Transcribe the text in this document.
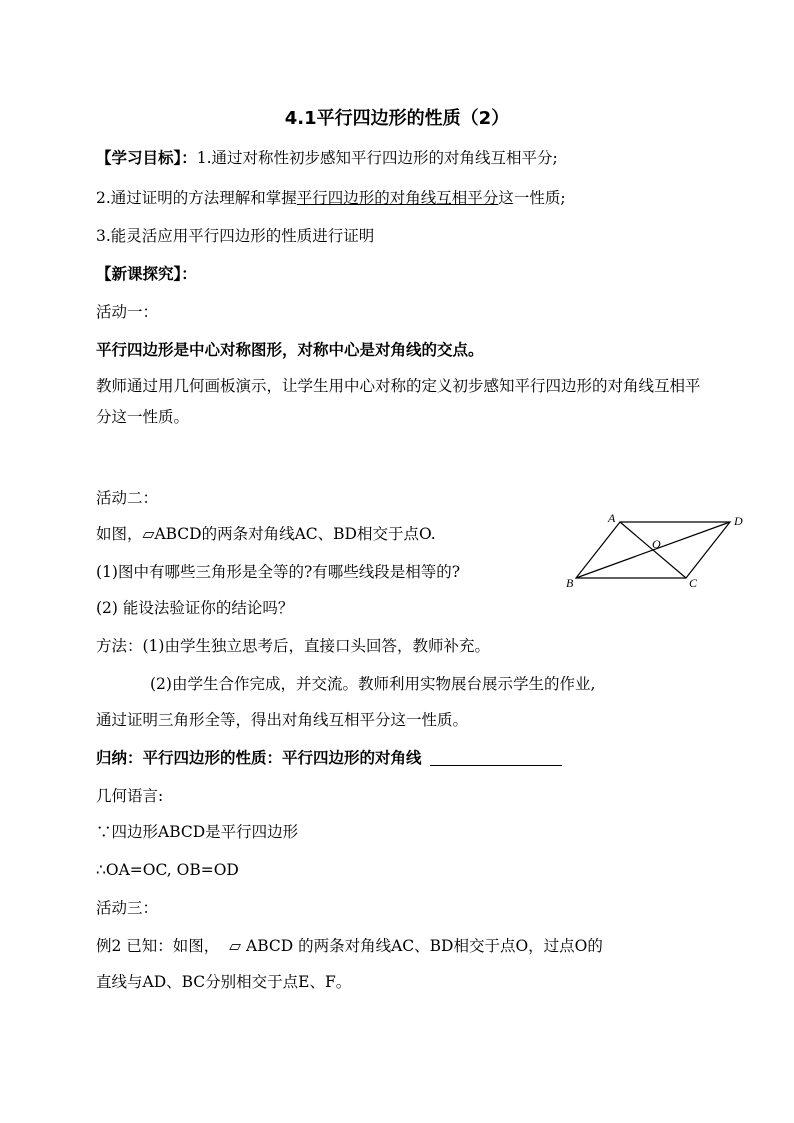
4.1平行四边形的性质（2）
【学习目标】：1.通过对称性初步感知平行四边形的对角线互相平分;
2.通过证明的方法理解和掌握平行四边形的对角线互相平分这一性质;
3.能灵活应用平行四边形的性质进行证明
【新课探究】：
活动一：
平行四边形是中心对称图形，对称中心是对角线的交点。
教师通过用几何画板演示，让学生用中心对称的定义初步感知平行四边形的对角线互相平分这一性质。
活动二：
如图，▱ABCD的两条对角线AC、BD相交于点O.
(1)图中有哪些三角形是全等的?有哪些线段是相等的?
(2) 能设法验证你的结论吗？
方法：(1)由学生独立思考后，直接口头回答，教师补充。
(2)由学生合作完成，并交流。教师利用实物展台展示学生的作业,
通过证明三角形全等，得出对角线互相平分这一性质。
归纳：平行四边形的性质：平行四边形的对角线
几何语言:
∵四边形ABCD是平行四边形
∴OA=OC, OB=OD
活动三：
例2 已知：如图， ▱ ABCD 的两条对角线AC、BD相交于点O，过点O的
直线与AD、BC分别相交于点E、F。
A	D
O
B	C
